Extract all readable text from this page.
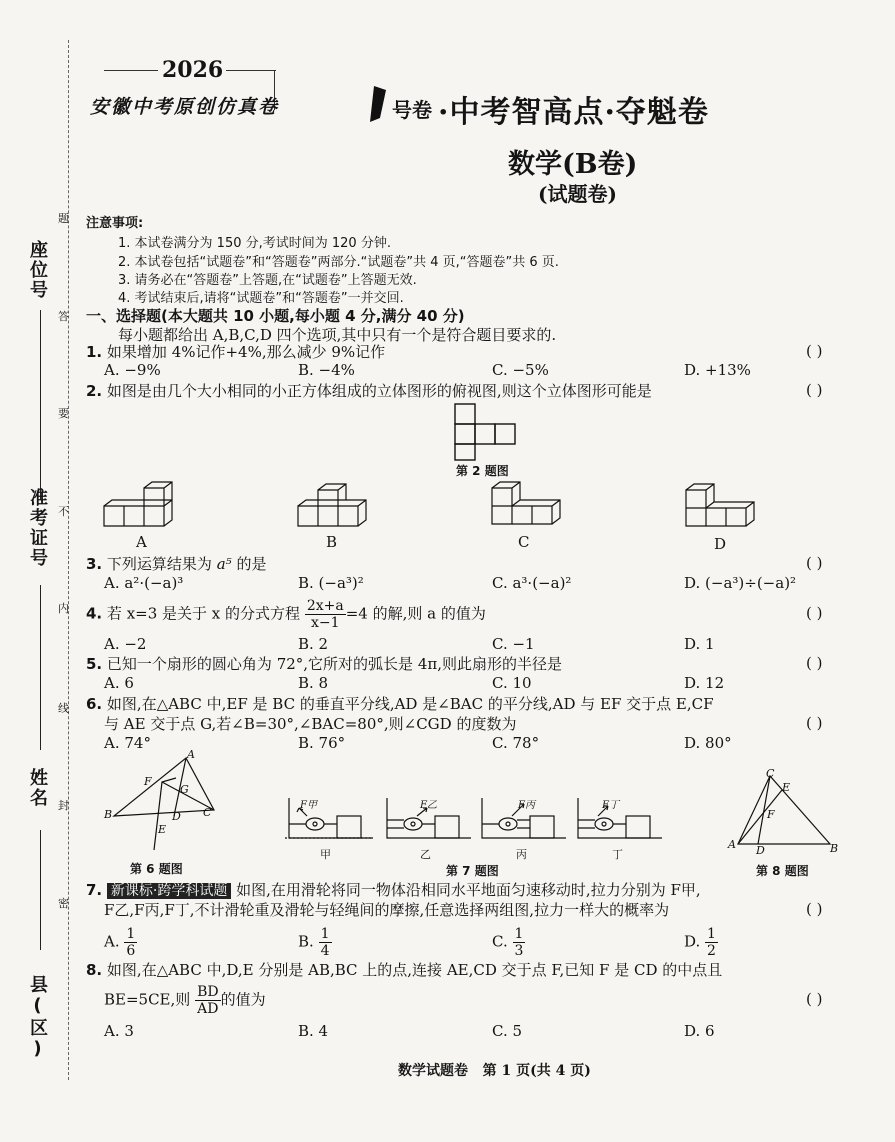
座位号
准考证号
姓名
县(区)
题
答
要
不
内
线
封
密
2026
安徽中考原创仿真卷	号卷 ·中考智高点·夺魁卷
数学(B卷)
(试题卷)
注意事项:
1. 本试卷满分为 150 分,考试时间为 120 分钟.
2. 本试卷包括“试题卷”和“答题卷”两部分.“试题卷”共 4 页,“答题卷”共 6 页.
3. 请务必在“答题卷”上答题,在“试题卷”上答题无效.
4. 考试结束后,请将“试题卷”和“答题卷”一并交回.
一、选择题(本大题共 10 小题,每小题 4 分,满分 40 分)
每小题都给出 A,B,C,D 四个选项,其中只有一个是符合题目要求的.
1. 如果增加 4%记作+4%,那么减少 9%记作	( )
A. −9%	B. −4%	C. −5%	D. +13%
2. 如图是由几个大小相同的小正方体组成的立体图形的俯视图,则这个立体图形可能是	( )
第 2 题图
A	B	C	D
3. 下列运算结果为 a⁵ 的是	( )
A. a²·(−a)³	B. (−a³)²	C. a³·(−a)²	D. (−a³)÷(−a)²
4. 若 x=3 是关于 x 的分式方程 $\frac{2x+a}{x-1} =4$ 的解,则 a 的值为	( )
A. −2	B. 2	C. −1	D. 1
5. 已知一个扇形的圆心角为 72°,它所对的弧长是 4π,则此扇形的半径是	( )
A. 6	B. 8	C. 10	D. 12
6. 如图,在△ABC 中,EF 是 BC 的垂直平分线,AD 是∠BAC 的平分线,AD 与 EF 交于点 E,CF
与 AE 交于点 G,若∠B=30°,∠BAC=80°,则∠CGD 的度数为	( )
A. 74°	B. 76°	C. 78°	D. 80°
B
A
C
F
G
D
E
第 6 题图
F甲
甲
F乙
乙
F丙
丙
F丁
丁
第 7 题图
C
E
F
A D	B
第 8 题图
7. 新课标·跨学科试题 如图,在用滑轮将同一物体沿相同水平地面匀速移动时,拉力分别为 F甲,
F乙,F丙,F丁,不计滑轮重及滑轮与轻绳间的摩擦,任意选择两组图,拉力一样大的概率为	( )
A. $\frac{1}{6}$	B. $\frac{1}{4}$	C. $\frac{1}{3}$	D. $\frac{1}{2}$
8. 如图,在△ABC 中,D,E 分别是 AB,BC 上的点,连接 AE,CD 交于点 F,已知 F 是 CD 的中点且
BE=5CE,则 $\frac{BD}{AD}$ 的值为	( )
A. 3	B. 4	C. 5	D. 6
数学试题卷   第 1 页(共 4 页)
